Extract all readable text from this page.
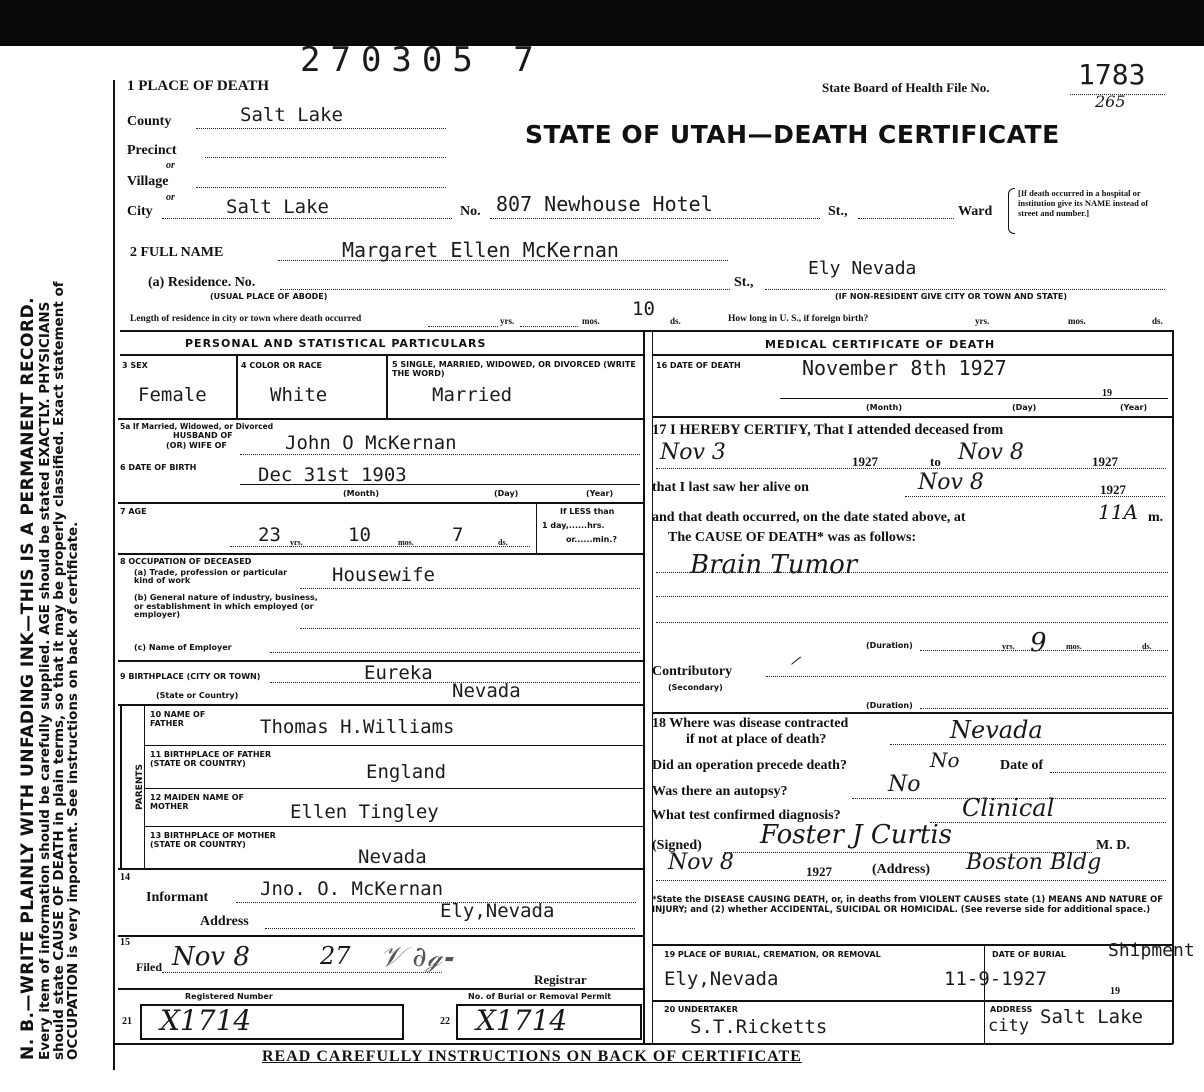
270305 7
N. B.—WRITE PLAINLY WITH UNFADING INK—THIS IS A PERMANENT RECORD. Every item of information should be carefully supplied. AGE should be stated EXACTLY. PHYSICIANS
should state CAUSE OF DEATH in plain terms, so that it may be properly classified. Exact statement of
OCCUPATION is very important. See instructions on back of certificate.
1 PLACE OF DEATH	State Board of Health File No.	1783
265
STATE OF UTAH—DEATH CERTIFICATE
County	Salt Lake
Precinct
or
Village
or
City	Salt Lake	No. 807 Newhouse Hotel	St.,	Ward
[If death occurred in a hospital or institution give its NAME instead of street and number.]
2 FULL NAME	Margaret Ellen McKernan
(a) Residence. No.
(USUAL PLACE OF ABODE)
St.,
Ely Nevada
(IF NON-RESIDENT GIVE CITY OR TOWN AND STATE)
Length of residence in city or town where death occurred	yrs.	mos.
10
ds.	How long in U. S., if foreign birth?	yrs.	mos.	ds.
PERSONAL AND STATISTICAL PARTICULARS	MEDICAL CERTIFICATE OF DEATH
3 SEX
Female
4 COLOR OR RACE
White
5 SINGLE, MARRIED, WIDOWED, OR DIVORCED (WRITE THE WORD)
Married
5a If Married, Widowed, or Divorced
HUSBAND OF
(OR) WIFE OF	John O McKernan
6 DATE OF BIRTH	Dec 31st 1903
(Month)	(Day)	(Year)
7 AGE
23 yrs. 10	mos. 7	ds.
If LESS than
1 day,......hrs.
or......min.?
8 OCCUPATION OF DECEASED
(a) Trade, profession or particular kind of work	Housewife
(b) General nature of industry, business, or establishment in which employed (or employer)
(c) Name of Employer
9 BIRTHPLACE (CITY OR TOWN)	Eureka
(State or Country)	Nevada
PARENTS
10 NAME OF FATHER	Thomas H.Williams
11 BIRTHPLACE OF FATHER (STATE OR COUNTRY)	England
12 MAIDEN NAME OF MOTHER	Ellen Tingley
13 BIRTHPLACE OF MOTHER (STATE OR COUNTRY)
Nevada
14
Informant	Jno. O. McKernan
Address	Ely,Nevada
15
Filed Nov 8	27 𝒱 ∂ℊ⁃
Registrar
Registered Number	No. of Burial or Removal Permit
21 X1714	22 X1714
16 DATE OF DEATH	November 8th 1927
19
(Month)	(Day)	(Year)
17 I HEREBY CERTIFY, That I attended deceased from
Nov 3	1927	to Nov 8	1927
that I last saw her alive on	Nov 8	1927
and that death occurred, on the date stated above, at	11A m.
The CAUSE OF DEATH* was as follows:
Brain Tumor
(Duration)	9
yrs.	mos.	ds.
Contributory
⸝
(Secondary)
(Duration)
18 Where was disease contracted
if not at place of death?	Nevada
Did an operation precede death?	No	Date of
Was there an autopsy?	No
What test confirmed diagnosis?	Clinical
(Signed) Foster J Curtis	M. D.
Nov 8	1927	(Address) Boston Bldg
*State the DISEASE CAUSING DEATH, or, in deaths from VIOLENT CAUSES state (1) MEANS AND NATURE OF INJURY; and (2) whether ACCIDENTAL, SUICIDAL OR HOMICIDAL. (See reverse side for additional space.)
19 PLACE OF BURIAL, CREMATION, OR REMOVAL
Ely,Nevada
DATE OF BURIAL Shipment
11-9-1927
19
20 UNDERTAKER
S.T.Ricketts
ADDRESS
city Salt Lake
READ CAREFULLY INSTRUCTIONS ON BACK OF CERTIFICATE
